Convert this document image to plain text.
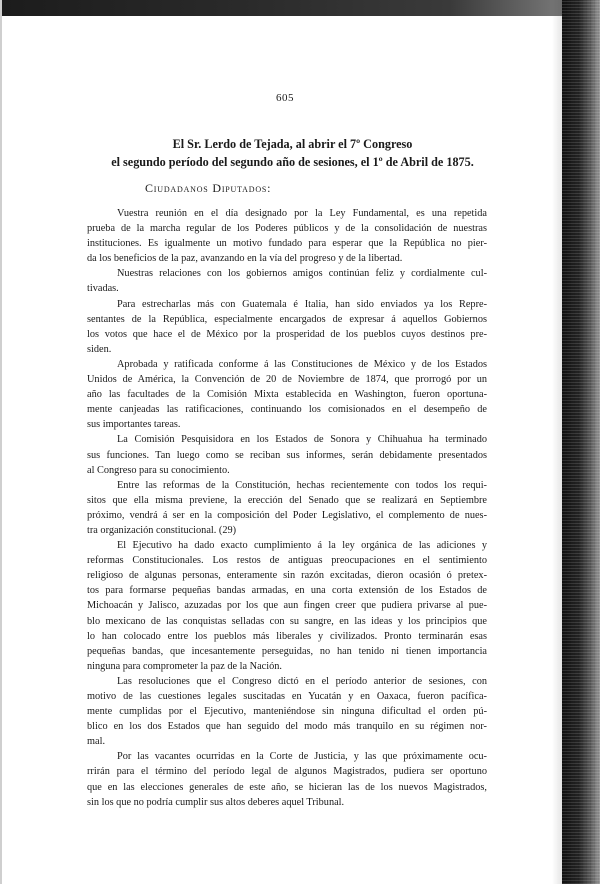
605
El Sr. Lerdo de Tejada, al abrir el 7º Congreso
el segundo período del segundo año de sesiones, el 1º de Abril de 1875.
Ciudadanos Diputados:
Vuestra reunión en el día designado por la Ley Fundamental, es una repetida
prueba de la marcha regular de los Poderes públicos y de la consolidación de nuestras
instituciones. Es igualmente un motivo fundado para esperar que la República no pier-
da los beneficios de la paz, avanzando en la vía del progreso y de la libertad.
Nuestras relaciones con los gobiernos amigos continúan feliz y cordialmente cul-
tivadas.
Para estrecharlas más con Guatemala é Italia, han sido enviados ya los Repre-
sentantes de la República, especialmente encargados de expresar á aquellos Gobiernos
los votos que hace el de México por la prosperidad de los pueblos cuyos destinos pre-
siden.
Aprobada y ratificada conforme á las Constituciones de México y de los Estados
Unidos de América, la Convención de 20 de Noviembre de 1874, que prorrogó por un
año las facultades de la Comisión Mixta establecida en Washington, fueron oportuna-
mente canjeadas las ratificaciones, continuando los comisionados en el desempeño de
sus importantes tareas.
La Comisión Pesquisidora en los Estados de Sonora y Chihuahua ha terminado
sus funciones. Tan luego como se reciban sus informes, serán debidamente presentados
al Congreso para su conocimiento.
Entre las reformas de la Constitución, hechas recientemente con todos los requi-
sitos que ella misma previene, la erección del Senado que se realizará en Septiembre
próximo, vendrá á ser en la composición del Poder Legislativo, el complemento de nues-
tra organización constitucional. (29)
El Ejecutivo ha dado exacto cumplimiento á la ley orgánica de las adiciones y
reformas Constitucionales. Los restos de antiguas preocupaciones en el sentimiento
religioso de algunas personas, enteramente sin razón excitadas, dieron ocasión ó pretex-
tos para formarse pequeñas bandas armadas, en una corta extensión de los Estados de
Michoacán y Jalisco, azuzadas por los que aun fingen creer que pudiera privarse al pue-
blo mexicano de las conquistas selladas con su sangre, en las ideas y los principios que
lo han colocado entre los pueblos más liberales y civilizados. Pronto terminarán esas
pequeñas bandas, que incesantemente perseguidas, no han tenido ni tienen importancia
ninguna para comprometer la paz de la Nación.
Las resoluciones que el Congreso dictó en el período anterior de sesiones, con
motivo de las cuestiones legales suscitadas en Yucatán y en Oaxaca, fueron pacífica-
mente cumplidas por el Ejecutivo, manteniéndose sin ninguna dificultad el orden pú-
blico en los dos Estados que han seguido del modo más tranquilo en su régimen nor-
mal.
Por las vacantes ocurridas en la Corte de Justicia, y las que próximamente ocu-
rrirán para el término del período legal de algunos Magistrados, pudiera ser oportuno
que en las elecciones generales de este año, se hicieran las de los nuevos Magistrados,
sin los que no podría cumplir sus altos deberes aquel Tribunal.
